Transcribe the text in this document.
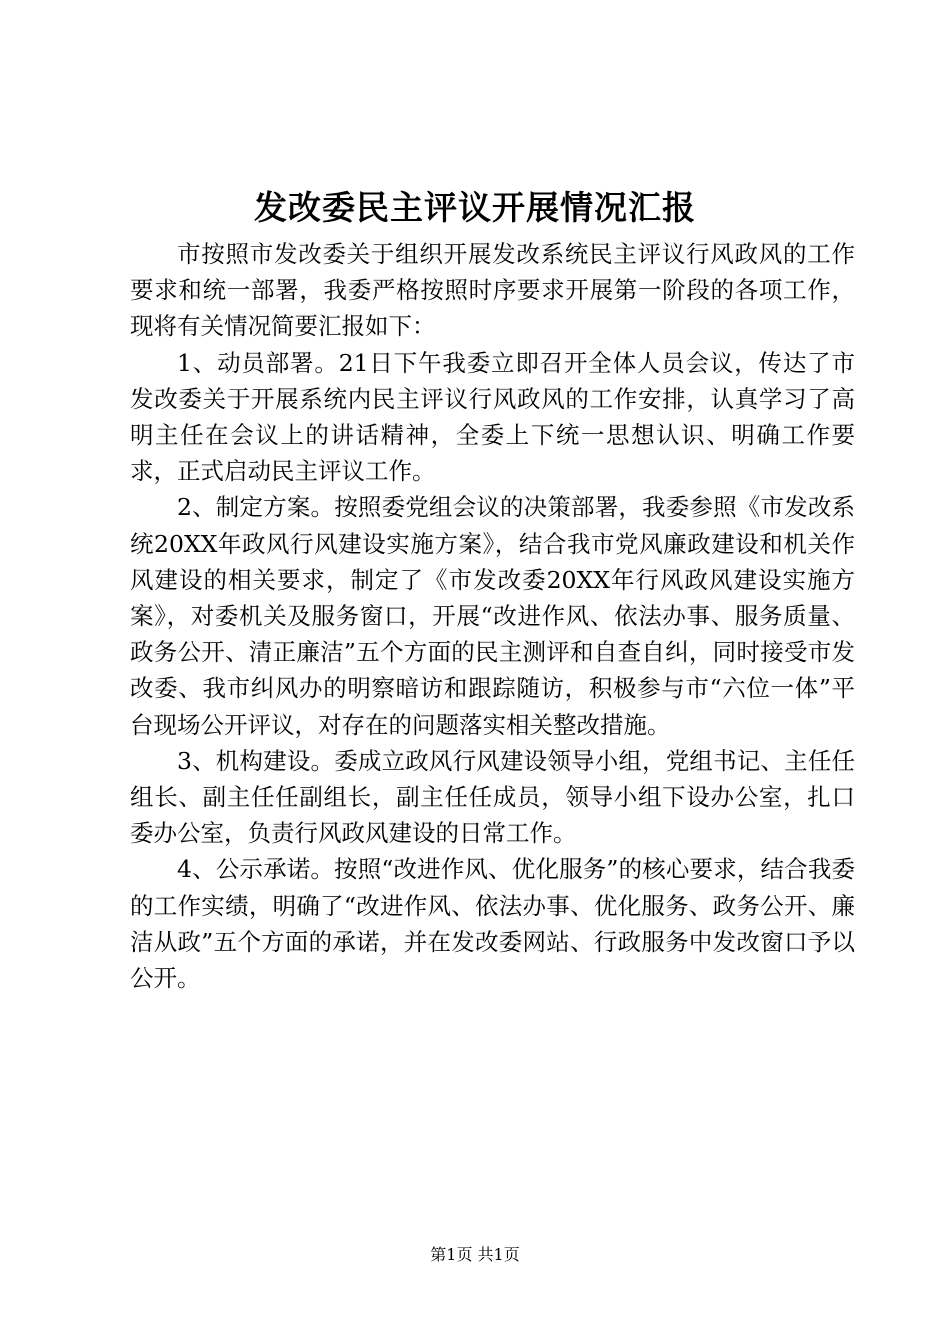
发改委民主评议开展情况汇报

市按照市发改委关于组织开展发改系统民主评议行风政风的工作要求和统一部署，我委严格按照时序要求开展第一阶段的各项工作，现将有关情况简要汇报如下：

1、动员部署。21日下午我委立即召开全体人员会议，传达了市发改委关于开展系统内民主评议行风政风的工作安排，认真学习了高明主任在会议上的讲话精神，全委上下统一思想认识、明确工作要求，正式启动民主评议工作。

2、制定方案。按照委党组会议的决策部署，我委参照《市发改系统20XX年政风行风建设实施方案》，结合我市党风廉政建设和机关作风建设的相关要求，制定了《市发改委20XX年行风政风建设实施方案》，对委机关及服务窗口，开展“改进作风、依法办事、服务质量、政务公开、清正廉洁”五个方面的民主测评和自查自纠，同时接受市发改委、我市纠风办的明察暗访和跟踪随访，积极参与市“六位一体”平台现场公开评议，对存在的问题落实相关整改措施。

3、机构建设。委成立政风行风建设领导小组，党组书记、主任任组长、副主任任副组长，副主任任成员，领导小组下设办公室，扎口委办公室，负责行风政风建设的日常工作。

4、公示承诺。按照“改进作风、优化服务”的核心要求，结合我委的工作实绩，明确了“改进作风、依法办事、优化服务、政务公开、廉洁从政”五个方面的承诺，并在发改委网站、行政服务中发改窗口予以公开。

第1页 共1页
